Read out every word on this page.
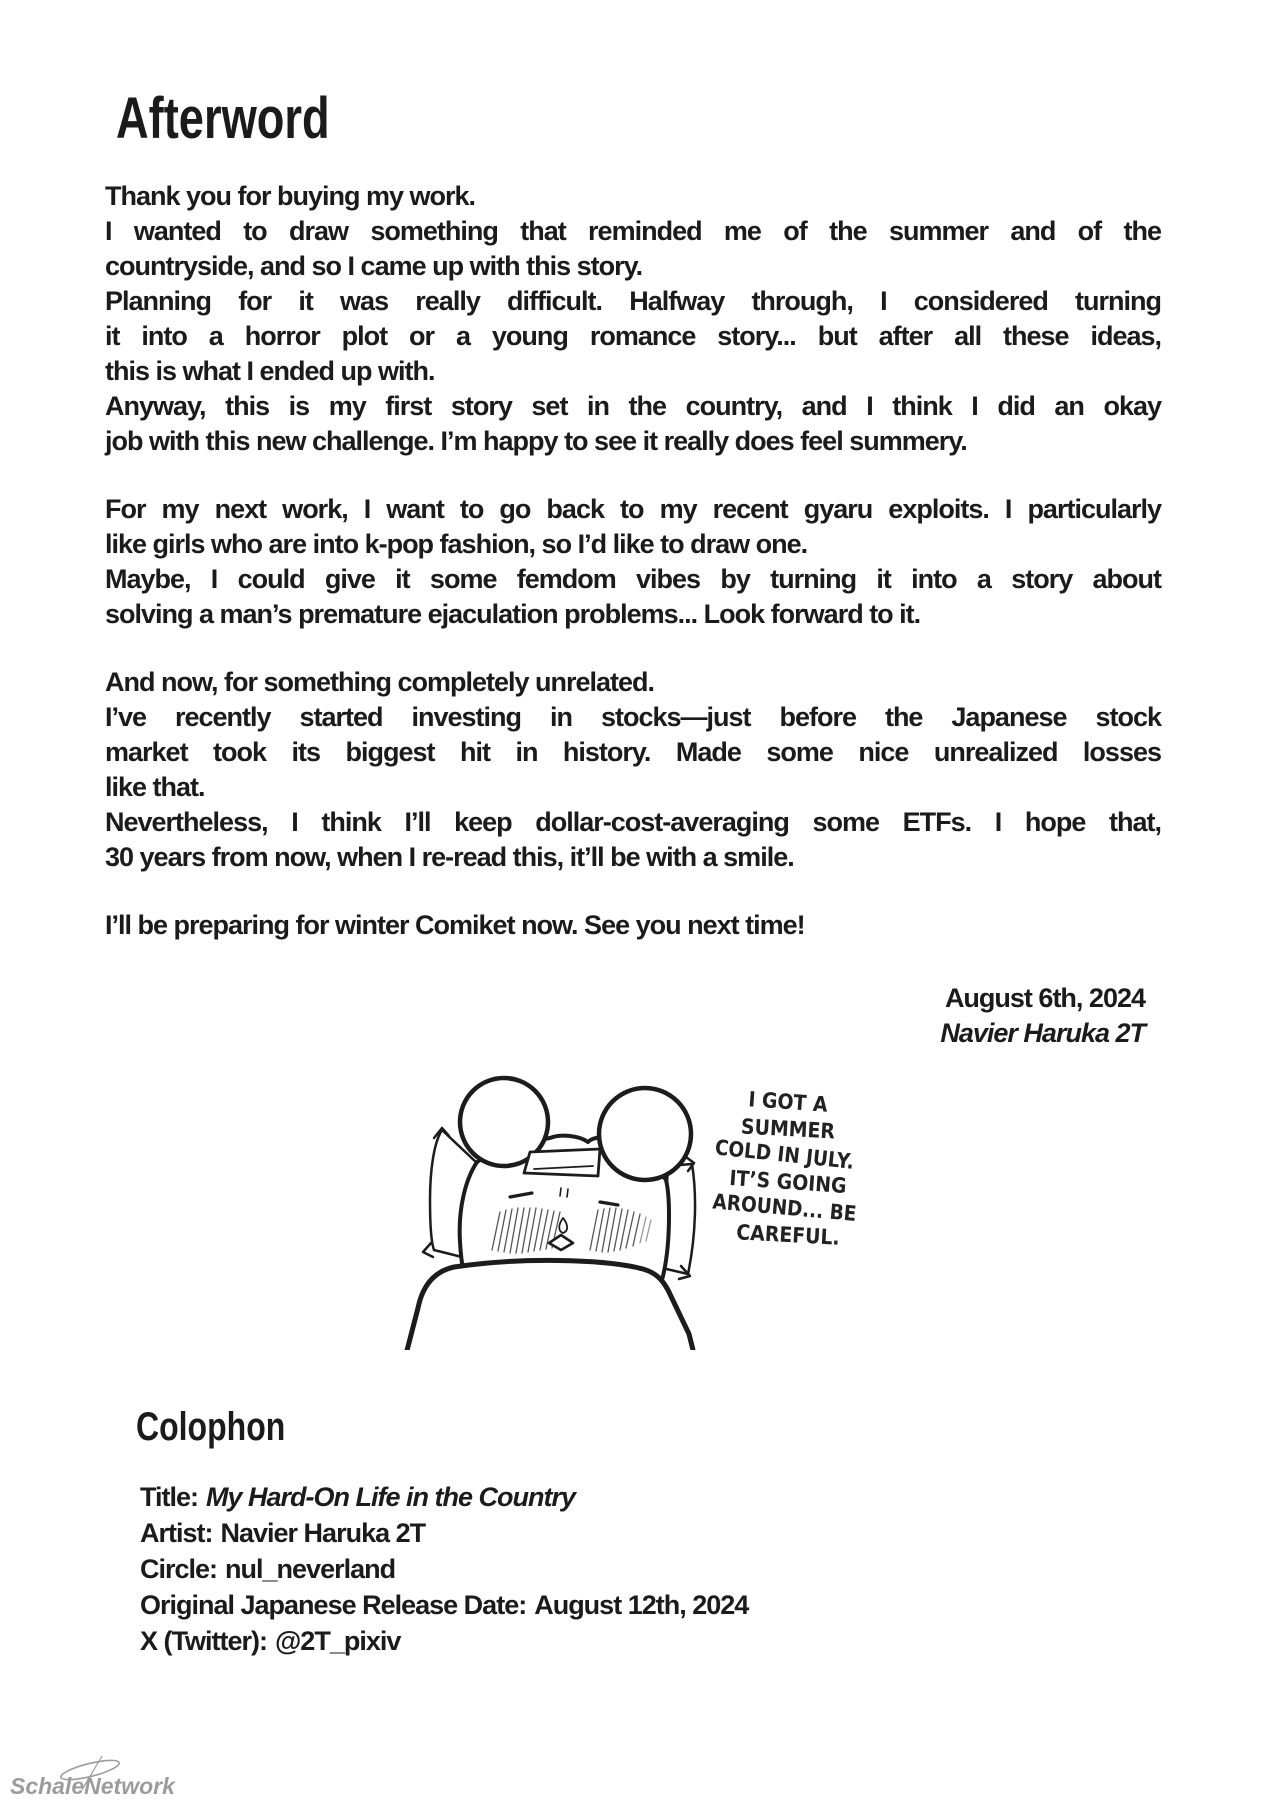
Afterword
Thank you for buying my work.
I wanted to draw something that reminded me of the summer and of the
countryside, and so I came up with this story.
Planning for it was really difficult. Halfway through, I considered turning
it into a horror plot or a young romance story... but after all these ideas,
this is what I ended up with.
Anyway, this is my first story set in the country, and I think I did an okay
job with this new challenge. I’m happy to see it really does feel summery.
For my next work, I want to go back to my recent gyaru exploits. I particularly
like girls who are into k-pop fashion, so I’d like to draw one.
Maybe, I could give it some femdom vibes by turning it into a story about
solving a man’s premature ejaculation problems... Look forward to it.
And now, for something completely unrelated.
I’ve recently started investing in stocks—just before the Japanese stock
market took its biggest hit in history. Made some nice unrealized losses
like that.
Nevertheless, I think I’ll keep dollar-cost-averaging some ETFs. I hope that,
30 years from now, when I re-read this, it’ll be with a smile.
I’ll be preparing for winter Comiket now. See you next time!
August 6th, 2024
Navier Haruka 2T
I GOT A
SUMMER
COLD IN JULY.
IT’S GOING
AROUND... BE
CAREFUL.
Colophon
Title: My Hard-On Life in the Country
Artist: Navier Haruka 2T
Circle: nul_neverland
Original Japanese Release Date: August 12th, 2024
X (Twitter): @2T_pixiv
SchaleNetwork
